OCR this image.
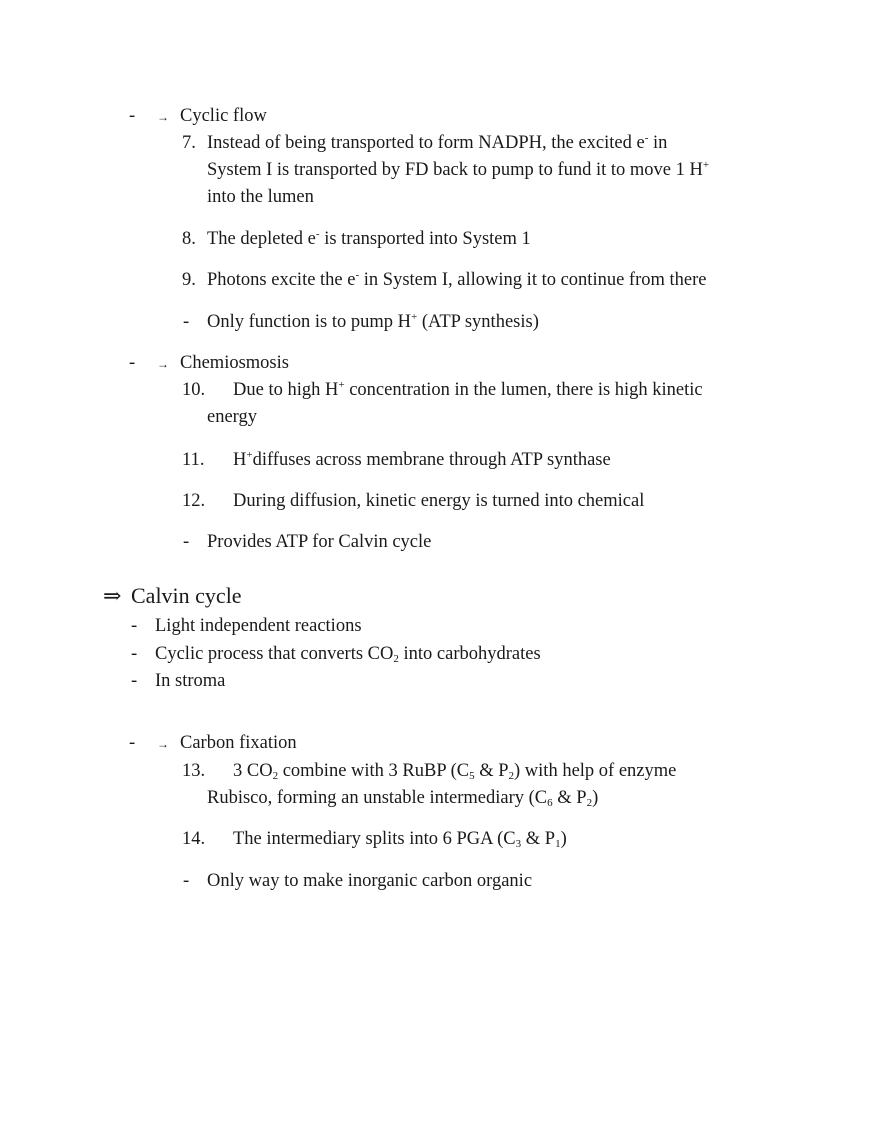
- → Cyclic flow
7. Instead of being transported to form NADPH, the excited e- in
System I is transported by FD back to pump to fund it to move 1 H+
into the lumen
8. The depleted e- is transported into System 1
9. Photons excite the e- in System I, allowing it to continue from there
- Only function is to pump H+ (ATP synthesis)
- → Chemiosmosis
10. Due to high H+ concentration in the lumen, there is high kinetic
energy
11. H+diffuses across membrane through ATP synthase
12. During diffusion, kinetic energy is turned into chemical
- Provides ATP for Calvin cycle
⇒ Calvin cycle
- Light independent reactions
- Cyclic process that converts $CO_2$ into carbohydrates
- In stroma
- → Carbon fixation
13. 3 $CO_2$ combine with 3 RuBP ($C_5$ & $P_2$) with help of enzyme
Rubisco, forming an unstable intermediary ($C_6$ & $P_2$)
14. The intermediary splits into 6 PGA ($C_3$ & $P_1$)
- Only way to make inorganic carbon organic
